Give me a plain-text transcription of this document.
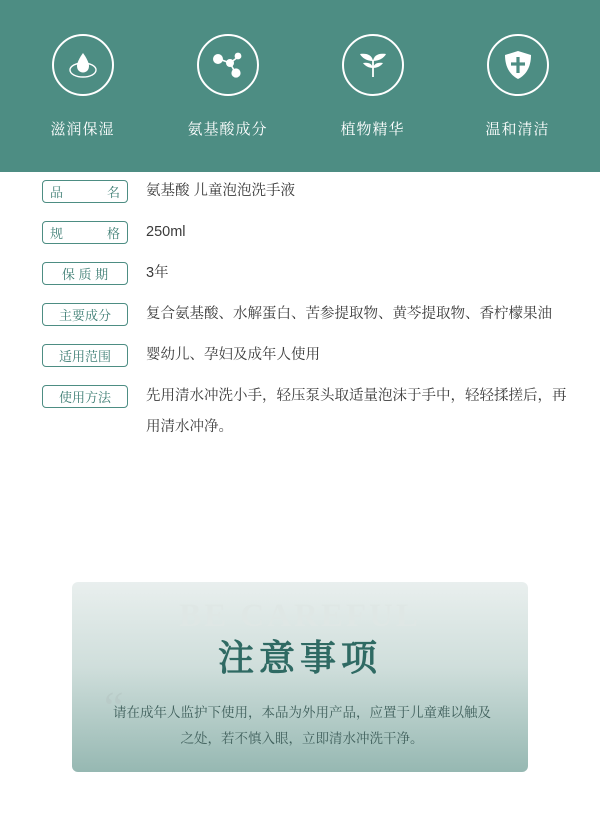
滋润保湿	氨基酸成分	植物精华	温和清洁
品　　名 氨基酸 儿童泡泡洗手液
规　　格 250ml
保 质 期	3年
主要成分	复合氨基酸、水解蛋白、苦参提取物、黄芩提取物、香柠檬果油
适用范围	婴幼儿、孕妇及成年人使用
使用方法	先用清水冲洗小手，轻压泵头取适量泡沫于手中，轻轻揉搓后，再用清水冲净。
BE CAREFUL
注意事项
“
请在成年人监护下使用，本品为外用产品，应置于儿童难以触及之处，若不慎入眼，立即清水冲洗干净。
